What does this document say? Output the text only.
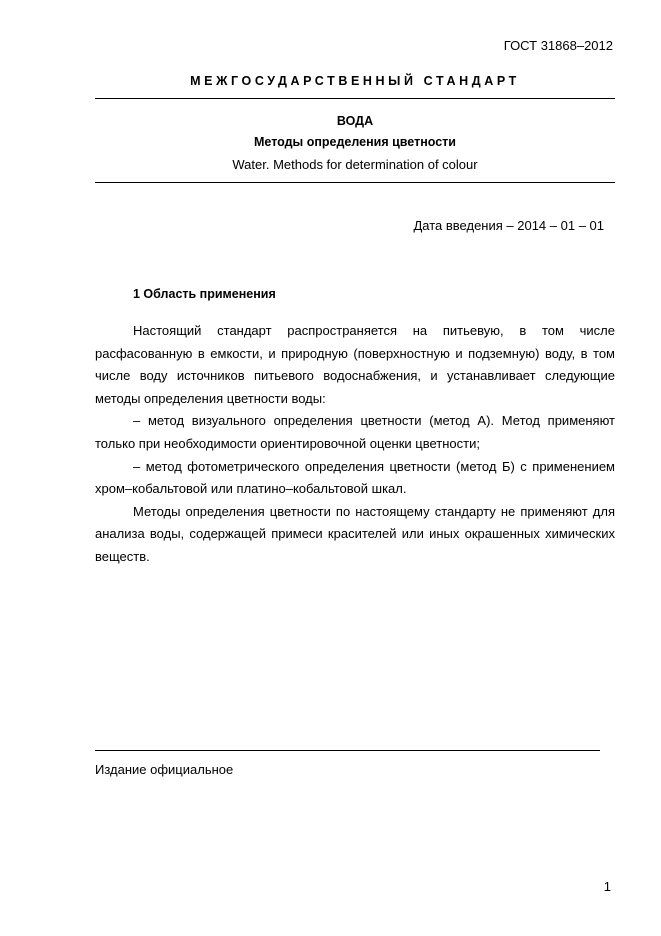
ГОСТ 31868–2012
МЕЖГОСУДАРСТВЕННЫЙ СТАНДАРТ
ВОДА
Методы определения цветности
Water. Methods for determination of colour
Дата введения – 2014 – 01 – 01
1 Область применения

Настоящий стандарт распространяется на питьевую, в том числе расфасованную в емкости, и природную (поверхностную и подземную) воду, в том числе воду источников питьевого водоснабжения, и устанавливает следующие методы определения цветности воды:

– метод визуального определения цветности (метод А). Метод применяют только при необходимости ориентировочной оценки цветности;

– метод фотометрического определения цветности (метод Б) с применением хром–кобальтовой или платино–кобальтовой шкал.

Методы определения цветности по настоящему стандарту не применяют для анализа воды, содержащей примеси красителей или иных окрашенных химических веществ.

Издание официальное
1
